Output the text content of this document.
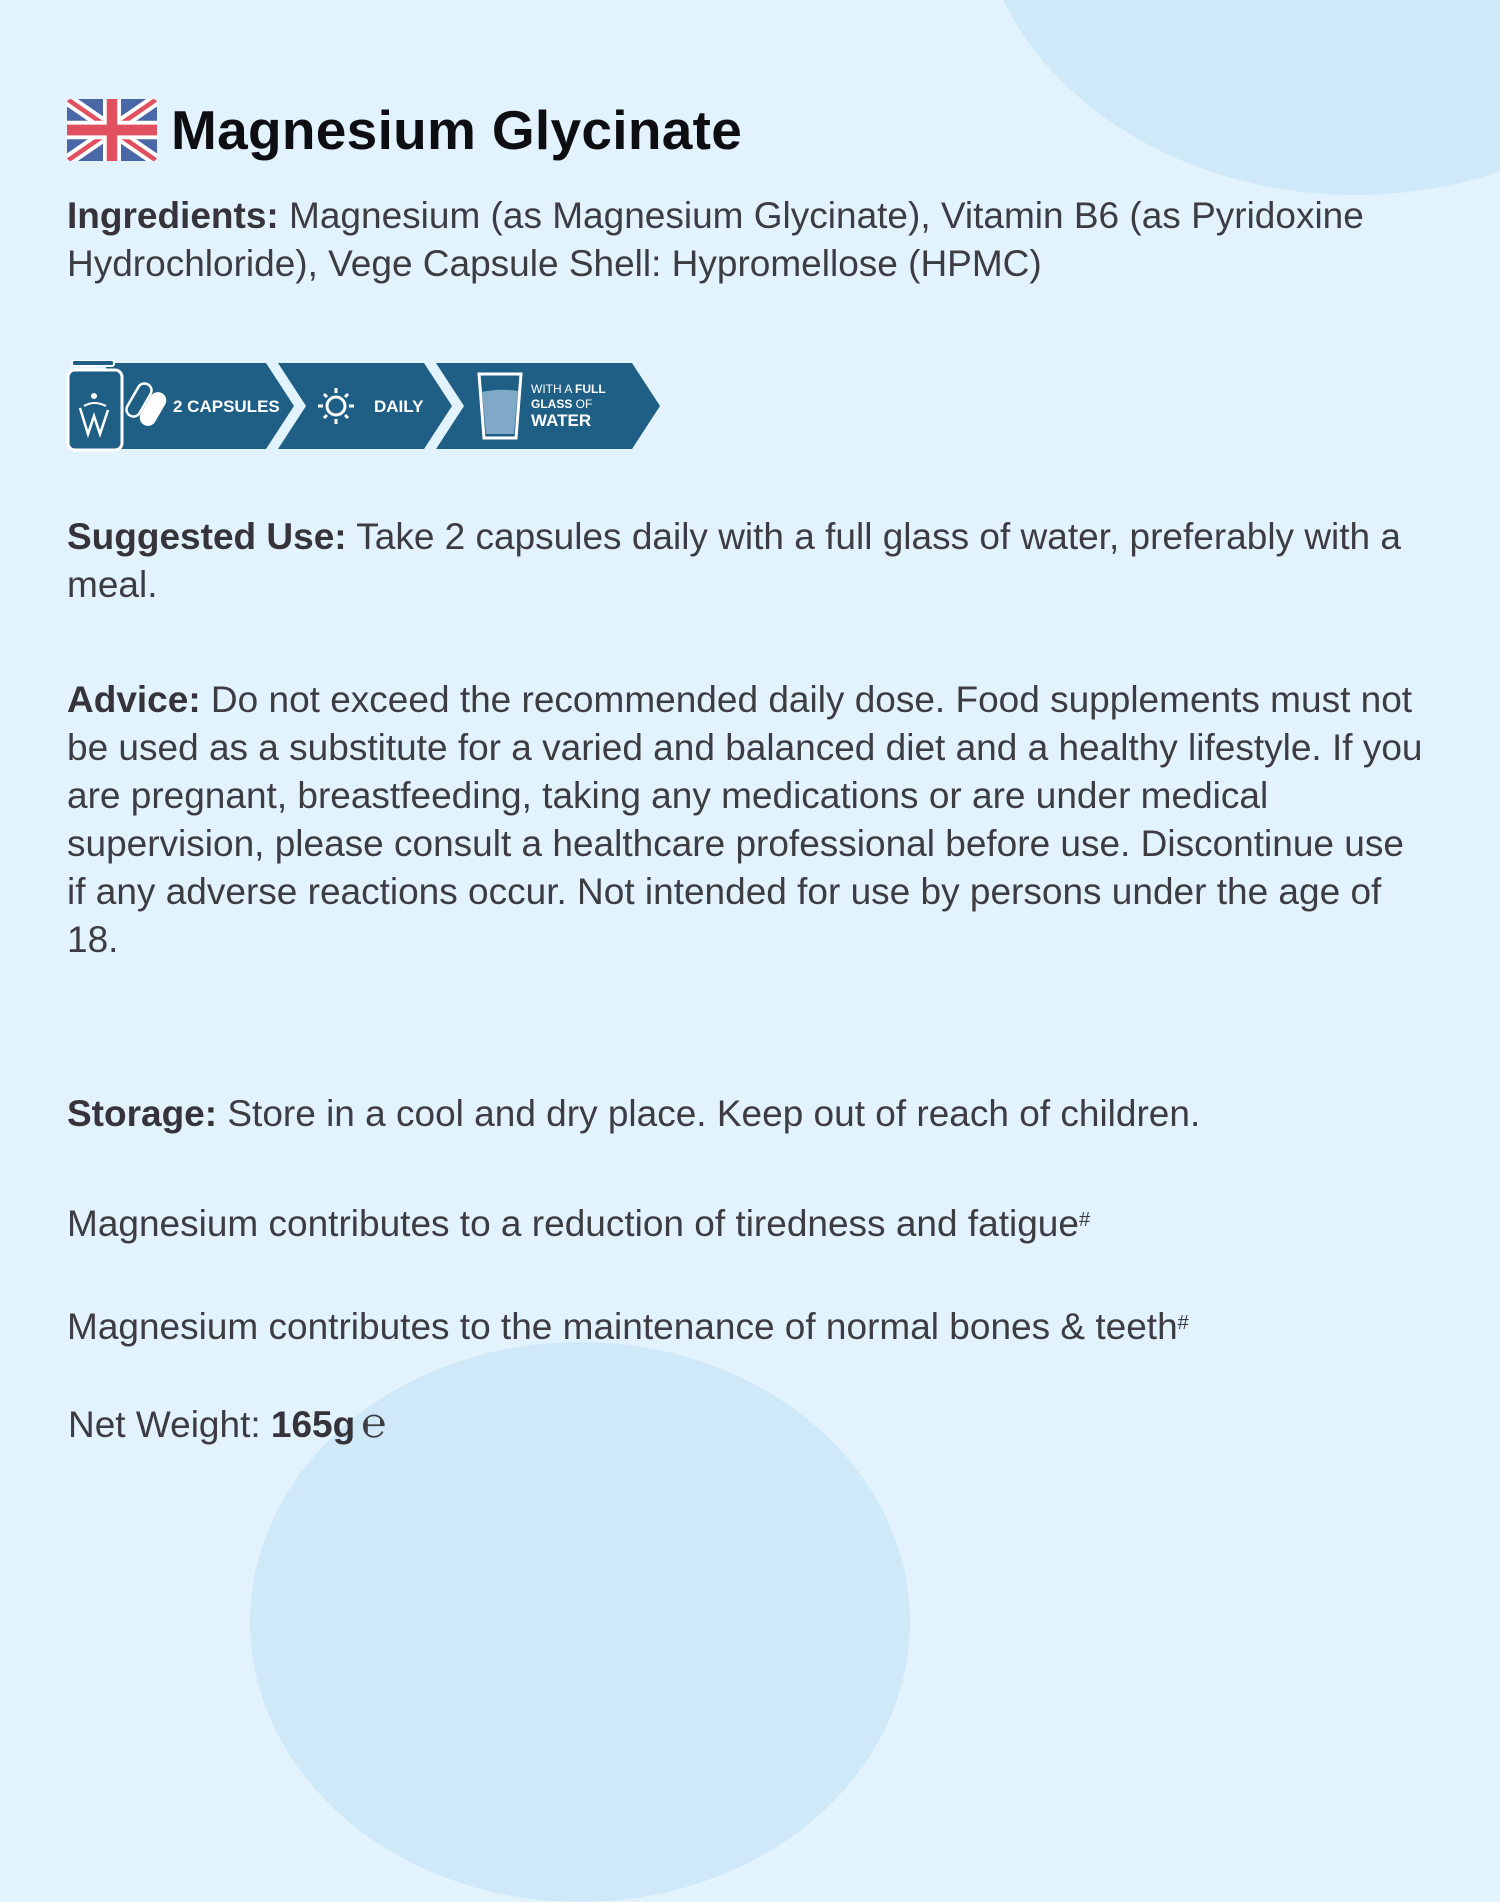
Magnesium Glycinate

Ingredients: Magnesium (as Magnesium Glycinate), Vitamin B6 (as Pyridoxine Hydrochloride), Vege Capsule Shell: Hypromellose (HPMC)

2 CAPSULES	DAILY
WITH A FULL
GLASS OF
WATER

Suggested Use: Take 2 capsules daily with a full glass of water, preferably with a meal.

Advice: Do not exceed the recommended daily dose. Food supplements must not be used as a substitute for a varied and balanced diet and a healthy lifestyle. If you are pregnant, breastfeeding, taking any medications or are under medical supervision, please consult a healthcare professional before use. Discontinue use if any adverse reactions occur. Not intended for use by persons under the age of 18.

Storage: Store in a cool and dry place. Keep out of reach of children.

Magnesium contributes to a reduction of tiredness and fatigue#

Magnesium contributes to the maintenance of normal bones & teeth#

Net Weight: 165g ℮
